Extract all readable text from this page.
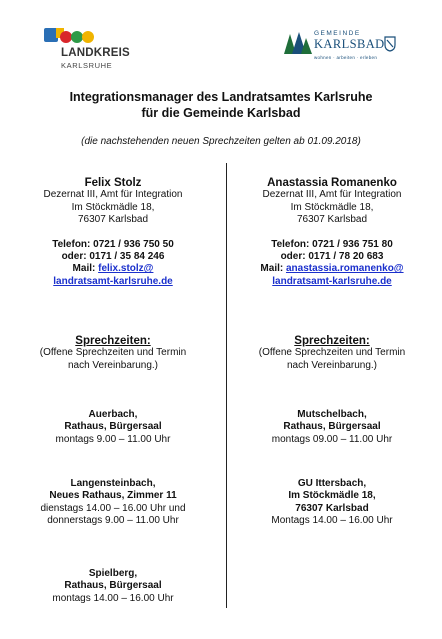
LANDKREIS
KARLSRUHE
GEMEINDE
KARLSBAD
wohnen · arbeiten · erleben
Integrationsmanager des Landratsamtes Karlsruhe
für die Gemeinde Karlsbad
(die nachstehenden neuen Sprechzeiten gelten ab 01.09.2018)
Felix Stolz
Dezernat III, Amt für Integration
Im Stöckmädle 18,
76307 Karlsbad
Telefon: 0721 / 936 750 50
oder: 0171 / 35 84 246
Mail: felix.stolz@
landratsamt-karlsruhe.de
Sprechzeiten:
(Offene Sprechzeiten und Termin
nach Vereinbarung.)
Auerbach,
Rathaus, Bürgersaal
montags 9.00 – 11.00 Uhr
Langensteinbach,
Neues Rathaus, Zimmer 11
dienstags 14.00 – 16.00 Uhr und
donnerstags 9.00 – 11.00 Uhr
Spielberg,
Rathaus, Bürgersaal
montags 14.00 – 16.00 Uhr
Anastassia Romanenko
Dezernat III, Amt für Integration
Im Stöckmädle 18,
76307 Karlsbad
Telefon: 0721 / 936 751 80
oder: 0171 / 78 20 683
Mail: anastassia.romanenko@
landratsamt-karlsruhe.de
Sprechzeiten:
(Offene Sprechzeiten und Termin
nach Vereinbarung.)
Mutschelbach,
Rathaus, Bürgersaal
montags 09.00 – 11.00 Uhr
GU Ittersbach,
Im Stöckmädle 18,
76307 Karlsbad
Montags 14.00 – 16.00 Uhr
